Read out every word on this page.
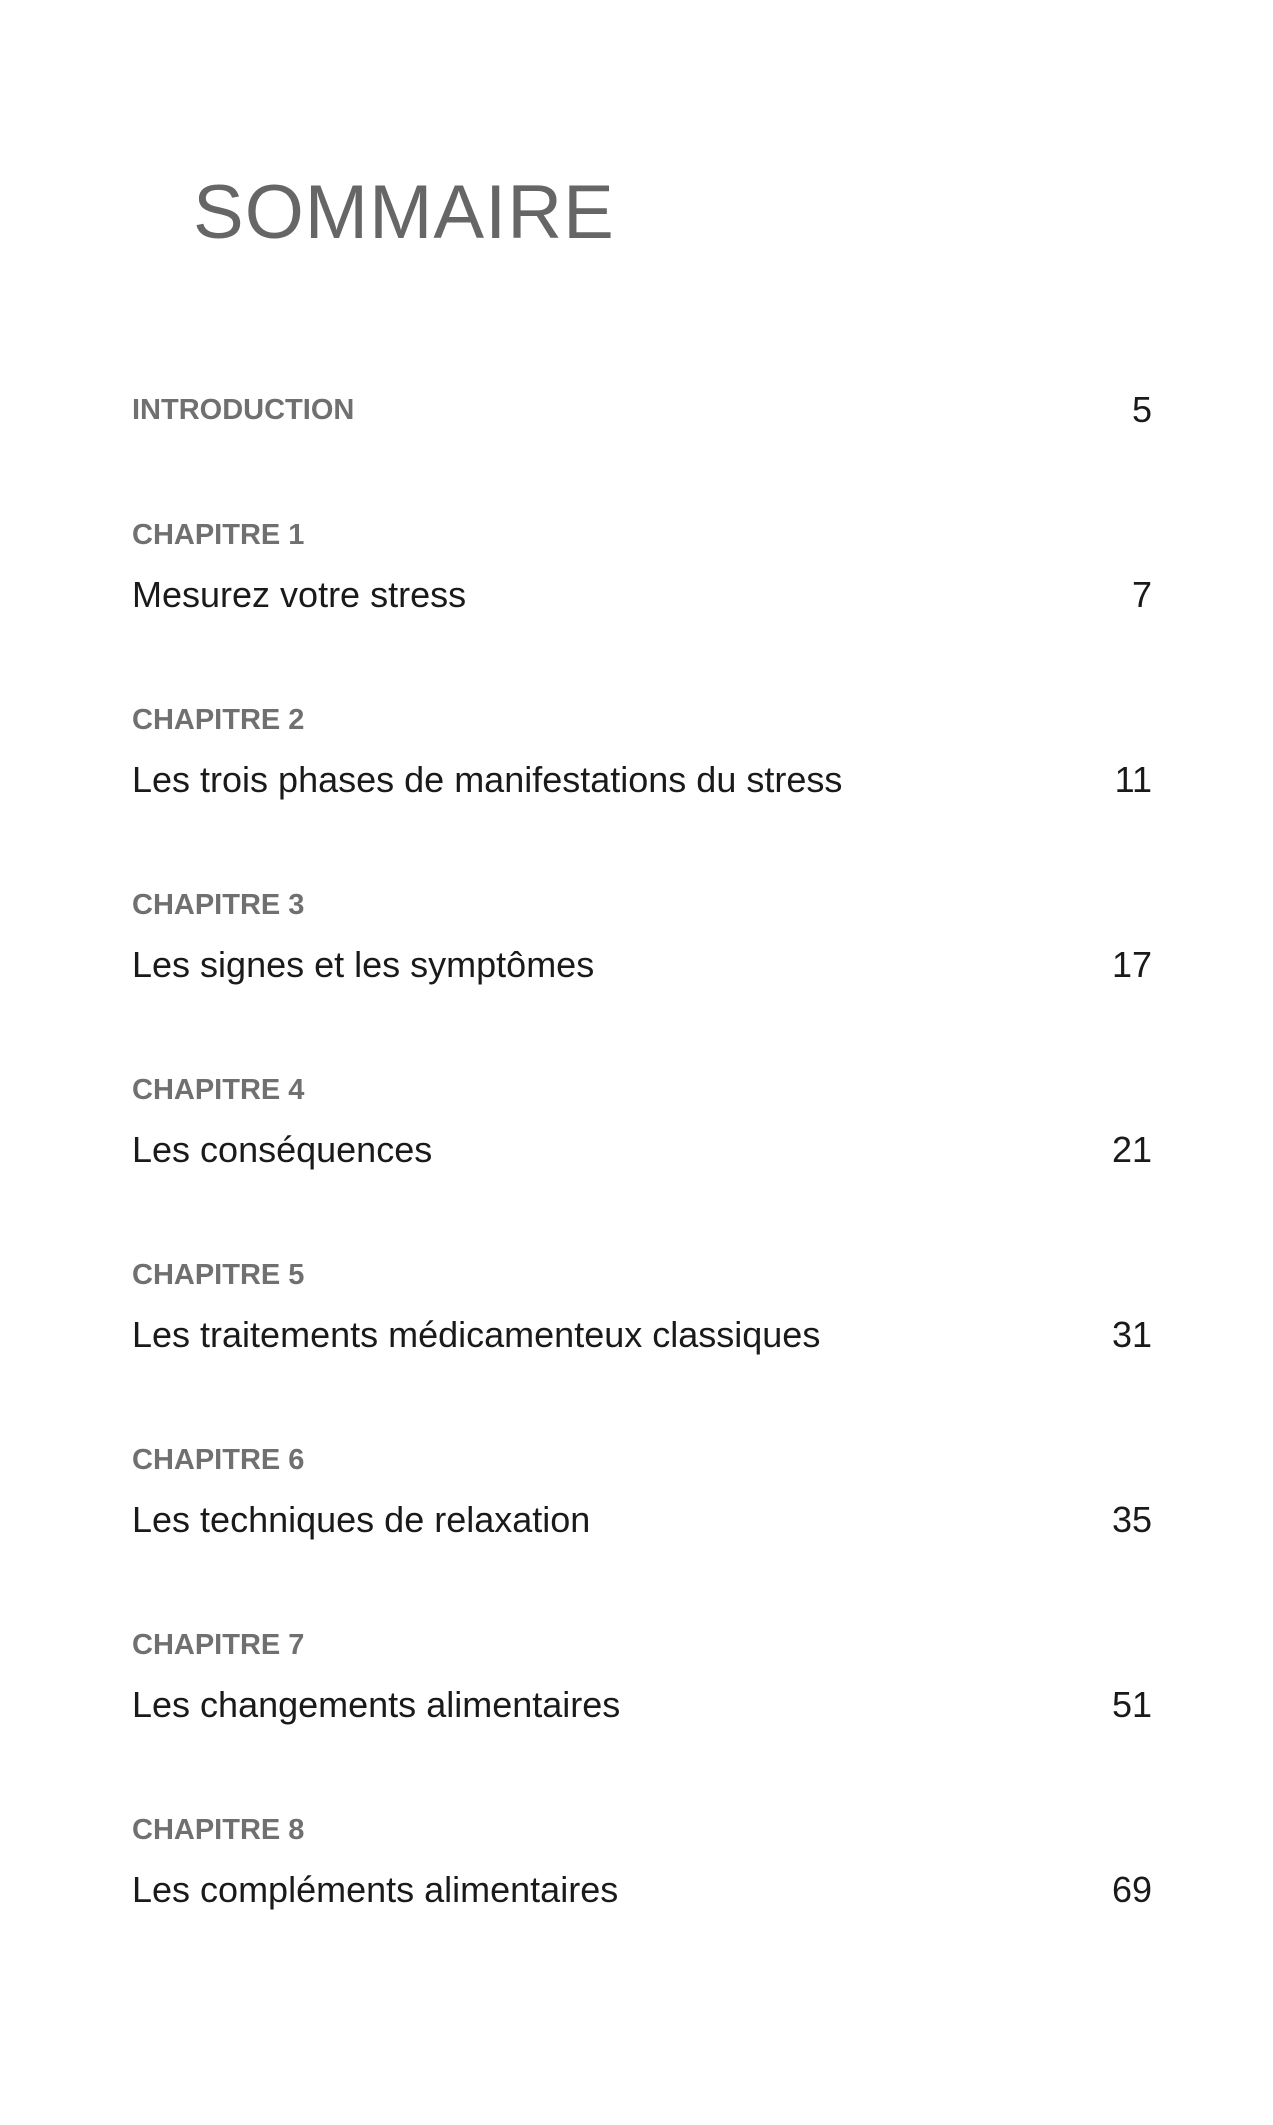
SOMMAIRE
INTRODUCTION	5
CHAPITRE 1
Mesurez votre stress	7
CHAPITRE 2
Les trois phases de manifestations du stress	11
CHAPITRE 3
Les signes et les symptômes	17
CHAPITRE 4
Les conséquences	21
CHAPITRE 5
Les traitements médicamenteux classiques	31
CHAPITRE 6
Les techniques de relaxation	35
CHAPITRE 7
Les changements alimentaires	51
CHAPITRE 8
Les compléments alimentaires	69
